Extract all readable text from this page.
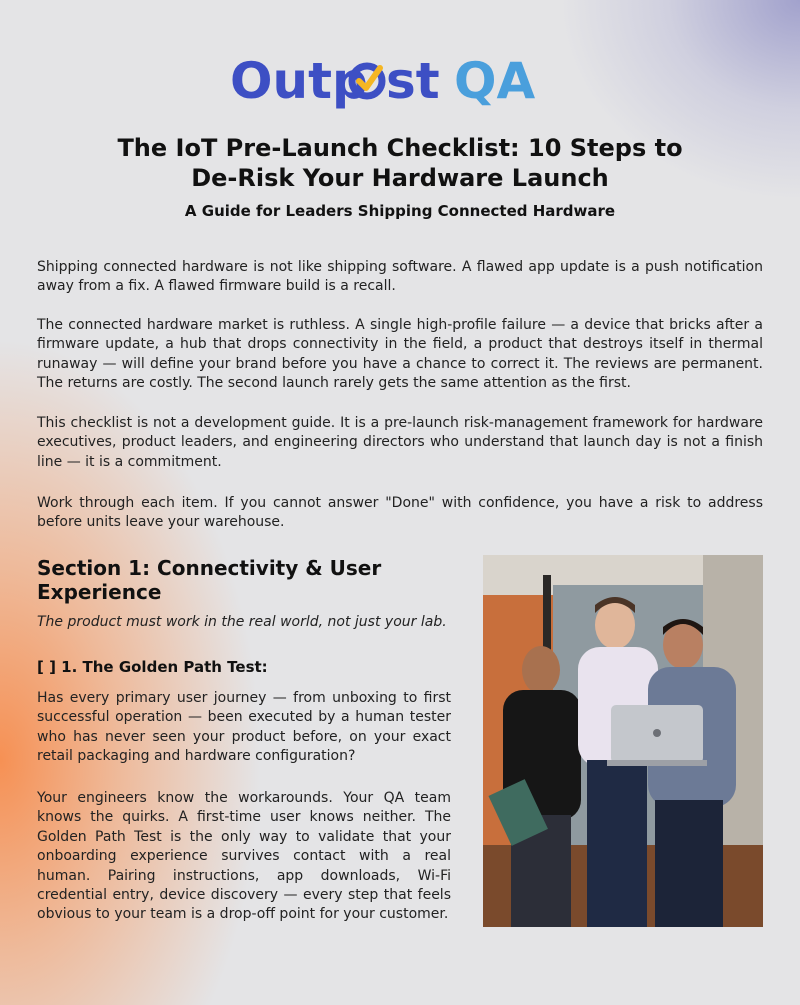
Outp st QA
The IoT Pre-Launch Checklist: 10 Steps to
De-Risk Your Hardware Launch

A Guide for Leaders Shipping Connected Hardware

Shipping connected hardware is not like shipping software. A flawed app update is a push notification away from a fix. A flawed firmware build is a recall.

The connected hardware market is ruthless. A single high-profile failure — a device that bricks after a firmware update, a hub that drops connectivity in the field, a product that destroys itself in thermal runaway — will define your brand before you have a chance to correct it. The reviews are permanent. The returns are costly. The second launch rarely gets the same attention as the first.

This checklist is not a development guide. It is a pre-launch risk-management framework for hardware executives, product leaders, and engineering directors who understand that launch day is not a finish line — it is a commitment.

Work through each item. If you cannot answer "Done" with confidence, you have a risk to address before units leave your warehouse.

Section 1: Connectivity & User Experience

The product must work in the real world, not just your lab.

[ ] 1. The Golden Path Test:

Has every primary user journey — from unboxing to first successful operation — been executed by a human tester who has never seen your product before, on your exact retail packaging and hardware configuration?

Your engineers know the workarounds. Your QA team knows the quirks. A first-time user knows neither. The Golden Path Test is the only way to validate that your onboarding experience survives contact with a real human. Pairing instructions, app downloads, Wi-Fi credential entry, device discovery — every step that feels obvious to your team is a drop-off point for your customer.
